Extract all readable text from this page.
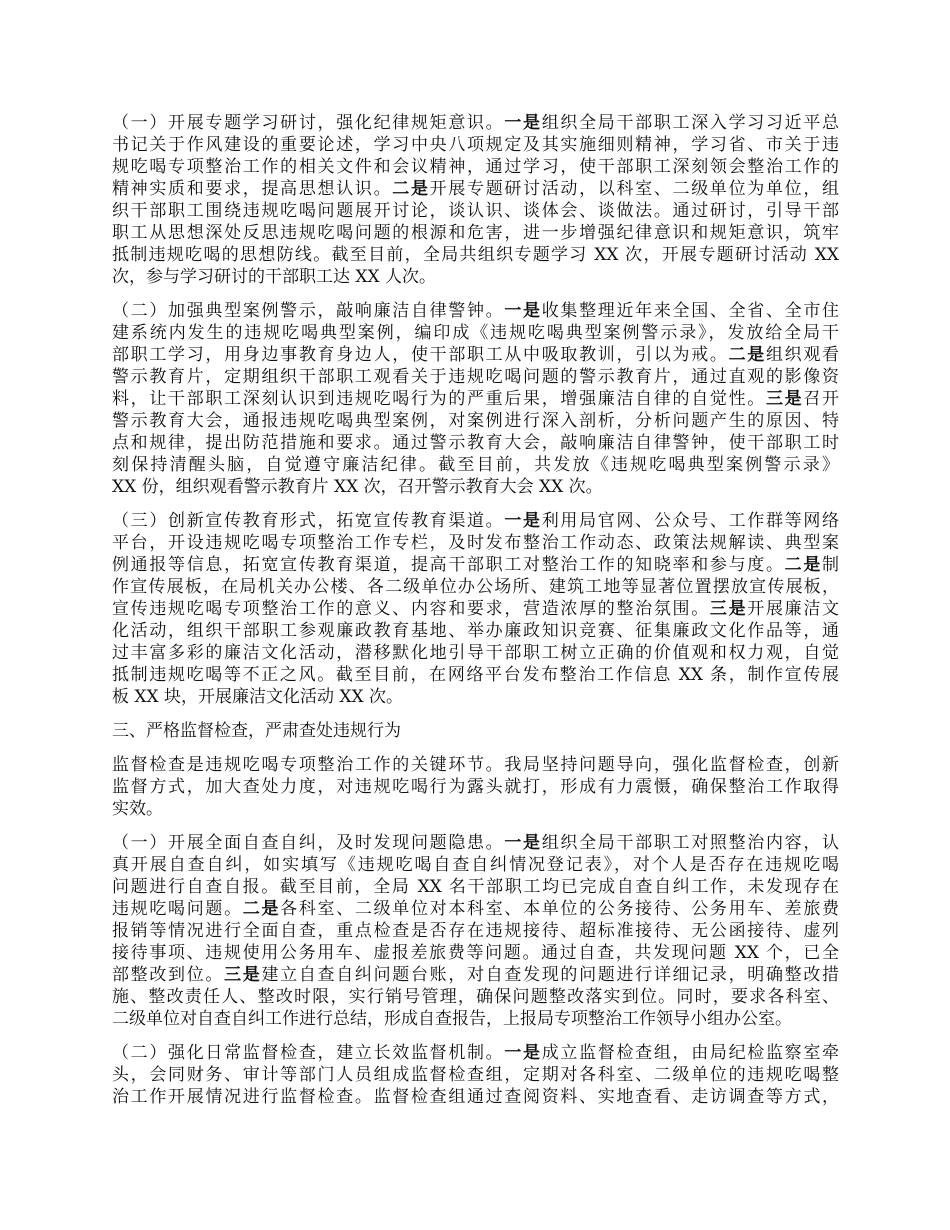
（一）开展专题学习研讨，强化纪律规矩意识。一是组织全局干部职工深入学习习近平总
书记关于作风建设的重要论述，学习中央八项规定及其实施细则精神，学习省、市关于违
规吃喝专项整治工作的相关文件和会议精神，通过学习，使干部职工深刻领会整治工作的
精神实质和要求，提高思想认识。二是开展专题研讨活动，以科室、二级单位为单位，组
织干部职工围绕违规吃喝问题展开讨论，谈认识、谈体会、谈做法。通过研讨，引导干部
职工从思想深处反思违规吃喝问题的根源和危害，进一步增强纪律意识和规矩意识，筑牢
抵制违规吃喝的思想防线。截至目前，全局共组织专题学习 XX 次，开展专题研讨活动 XX
次，参与学习研讨的干部职工达 XX 人次。

（二）加强典型案例警示，敲响廉洁自律警钟。一是收集整理近年来全国、全省、全市住
建系统内发生的违规吃喝典型案例，编印成《违规吃喝典型案例警示录》，发放给全局干
部职工学习，用身边事教育身边人，使干部职工从中吸取教训，引以为戒。二是组织观看
警示教育片，定期组织干部职工观看关于违规吃喝问题的警示教育片，通过直观的影像资
料，让干部职工深刻认识到违规吃喝行为的严重后果，增强廉洁自律的自觉性。三是召开
警示教育大会，通报违规吃喝典型案例，对案例进行深入剖析，分析问题产生的原因、特
点和规律，提出防范措施和要求。通过警示教育大会，敲响廉洁自律警钟，使干部职工时
刻保持清醒头脑，自觉遵守廉洁纪律。截至目前，共发放《违规吃喝典型案例警示录》
XX 份，组织观看警示教育片 XX 次，召开警示教育大会 XX 次。

（三）创新宣传教育形式，拓宽宣传教育渠道。一是利用局官网、公众号、工作群等网络
平台，开设违规吃喝专项整治工作专栏，及时发布整治工作动态、政策法规解读、典型案
例通报等信息，拓宽宣传教育渠道，提高干部职工对整治工作的知晓率和参与度。二是制
作宣传展板，在局机关办公楼、各二级单位办公场所、建筑工地等显著位置摆放宣传展板，
宣传违规吃喝专项整治工作的意义、内容和要求，营造浓厚的整治氛围。三是开展廉洁文
化活动，组织干部职工参观廉政教育基地、举办廉政知识竞赛、征集廉政文化作品等，通
过丰富多彩的廉洁文化活动，潜移默化地引导干部职工树立正确的价值观和权力观，自觉
抵制违规吃喝等不正之风。截至目前，在网络平台发布整治工作信息 XX 条，制作宣传展
板 XX 块，开展廉洁文化活动 XX 次。

三、严格监督检查，严肃查处违规行为

监督检查是违规吃喝专项整治工作的关键环节。我局坚持问题导向，强化监督检查，创新
监督方式，加大查处力度，对违规吃喝行为露头就打，形成有力震慑，确保整治工作取得
实效。

（一）开展全面自查自纠，及时发现问题隐患。一是组织全局干部职工对照整治内容，认
真开展自查自纠，如实填写《违规吃喝自查自纠情况登记表》，对个人是否存在违规吃喝
问题进行自查自报。截至目前，全局 XX 名干部职工均已完成自查自纠工作，未发现存在
违规吃喝问题。二是各科室、二级单位对本科室、本单位的公务接待、公务用车、差旅费
报销等情况进行全面自查，重点检查是否存在违规接待、超标准接待、无公函接待、虚列
接待事项、违规使用公务用车、虚报差旅费等问题。通过自查，共发现问题 XX 个，已全
部整改到位。三是建立自查自纠问题台账，对自查发现的问题进行详细记录，明确整改措
施、整改责任人、整改时限，实行销号管理，确保问题整改落实到位。同时，要求各科室、
二级单位对自查自纠工作进行总结，形成自查报告，上报局专项整治工作领导小组办公室。

（二）强化日常监督检查，建立长效监督机制。一是成立监督检查组，由局纪检监察室牵
头，会同财务、审计等部门人员组成监督检查组，定期对各科室、二级单位的违规吃喝整
治工作开展情况进行监督检查。监督检查组通过查阅资料、实地查看、走访调查等方式，
